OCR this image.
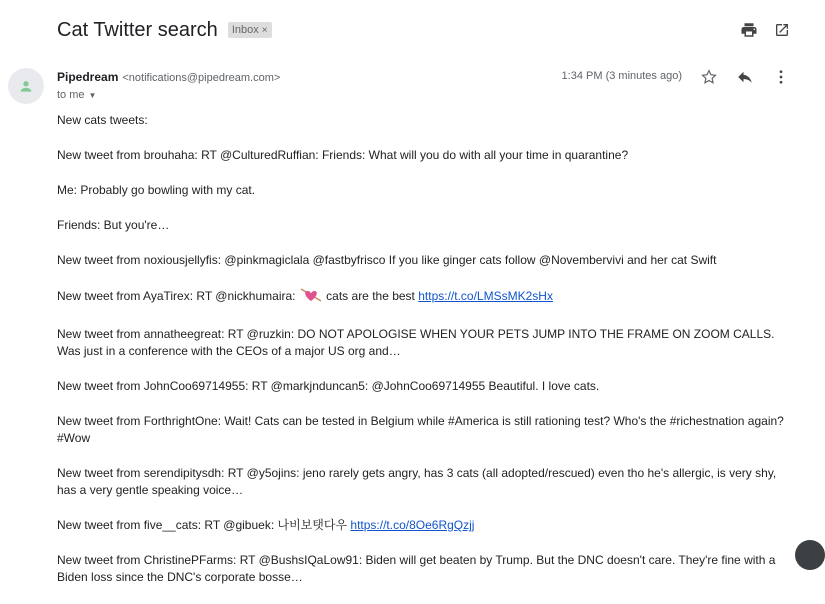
Cat Twitter search Inbox ×
Pipedream <notifications@pipedream.com>
to me ▼
1:34 PM (3 minutes ago)

New cats tweets:

New tweet from brouhaha: RT @CulturedRuffian: Friends: What will you do with all your time in quarantine?

Me: Probably go bowling with my cat.

Friends: But you're…

New tweet from noxiousjellyfis: @pinkmagiclala @fastbyfrisco If you like ginger cats follow @Novembervivi and her cat Swift

New tweet from AyaTirex: RT @nickhumaira:	cats are the best https://t.co/LMSsMK2sHx

New tweet from annatheegreat: RT @ruzkin: DO NOT APOLOGISE WHEN YOUR PETS JUMP INTO THE FRAME ON ZOOM CALLS. Was just in a conference with the CEOs of a major US org and…

New tweet from JohnCoo69714955: RT @markjnduncan5: @JohnCoo69714955 Beautiful. I love cats.

New tweet from ForthrightOne: Wait! Cats can be tested in Belgium while #America is still rationing test? Who's the #richestnation again? #Wow

New tweet from serendipitysdh: RT @y5ojins: jeno rarely gets angry, has 3 cats (all adopted/rescued) even tho he's allergic, is very shy, has a very gentle speaking voice…

New tweet from five__cats: RT @gibuek: 나비보탯다우 https://t.co/8Oe6RgQzjj

New tweet from ChristinePFarms: RT @BushsIQaLow91: Biden will get beaten by Trump. But the DNC doesn't care. They're fine with a Biden loss since the DNC's corporate bosse…
